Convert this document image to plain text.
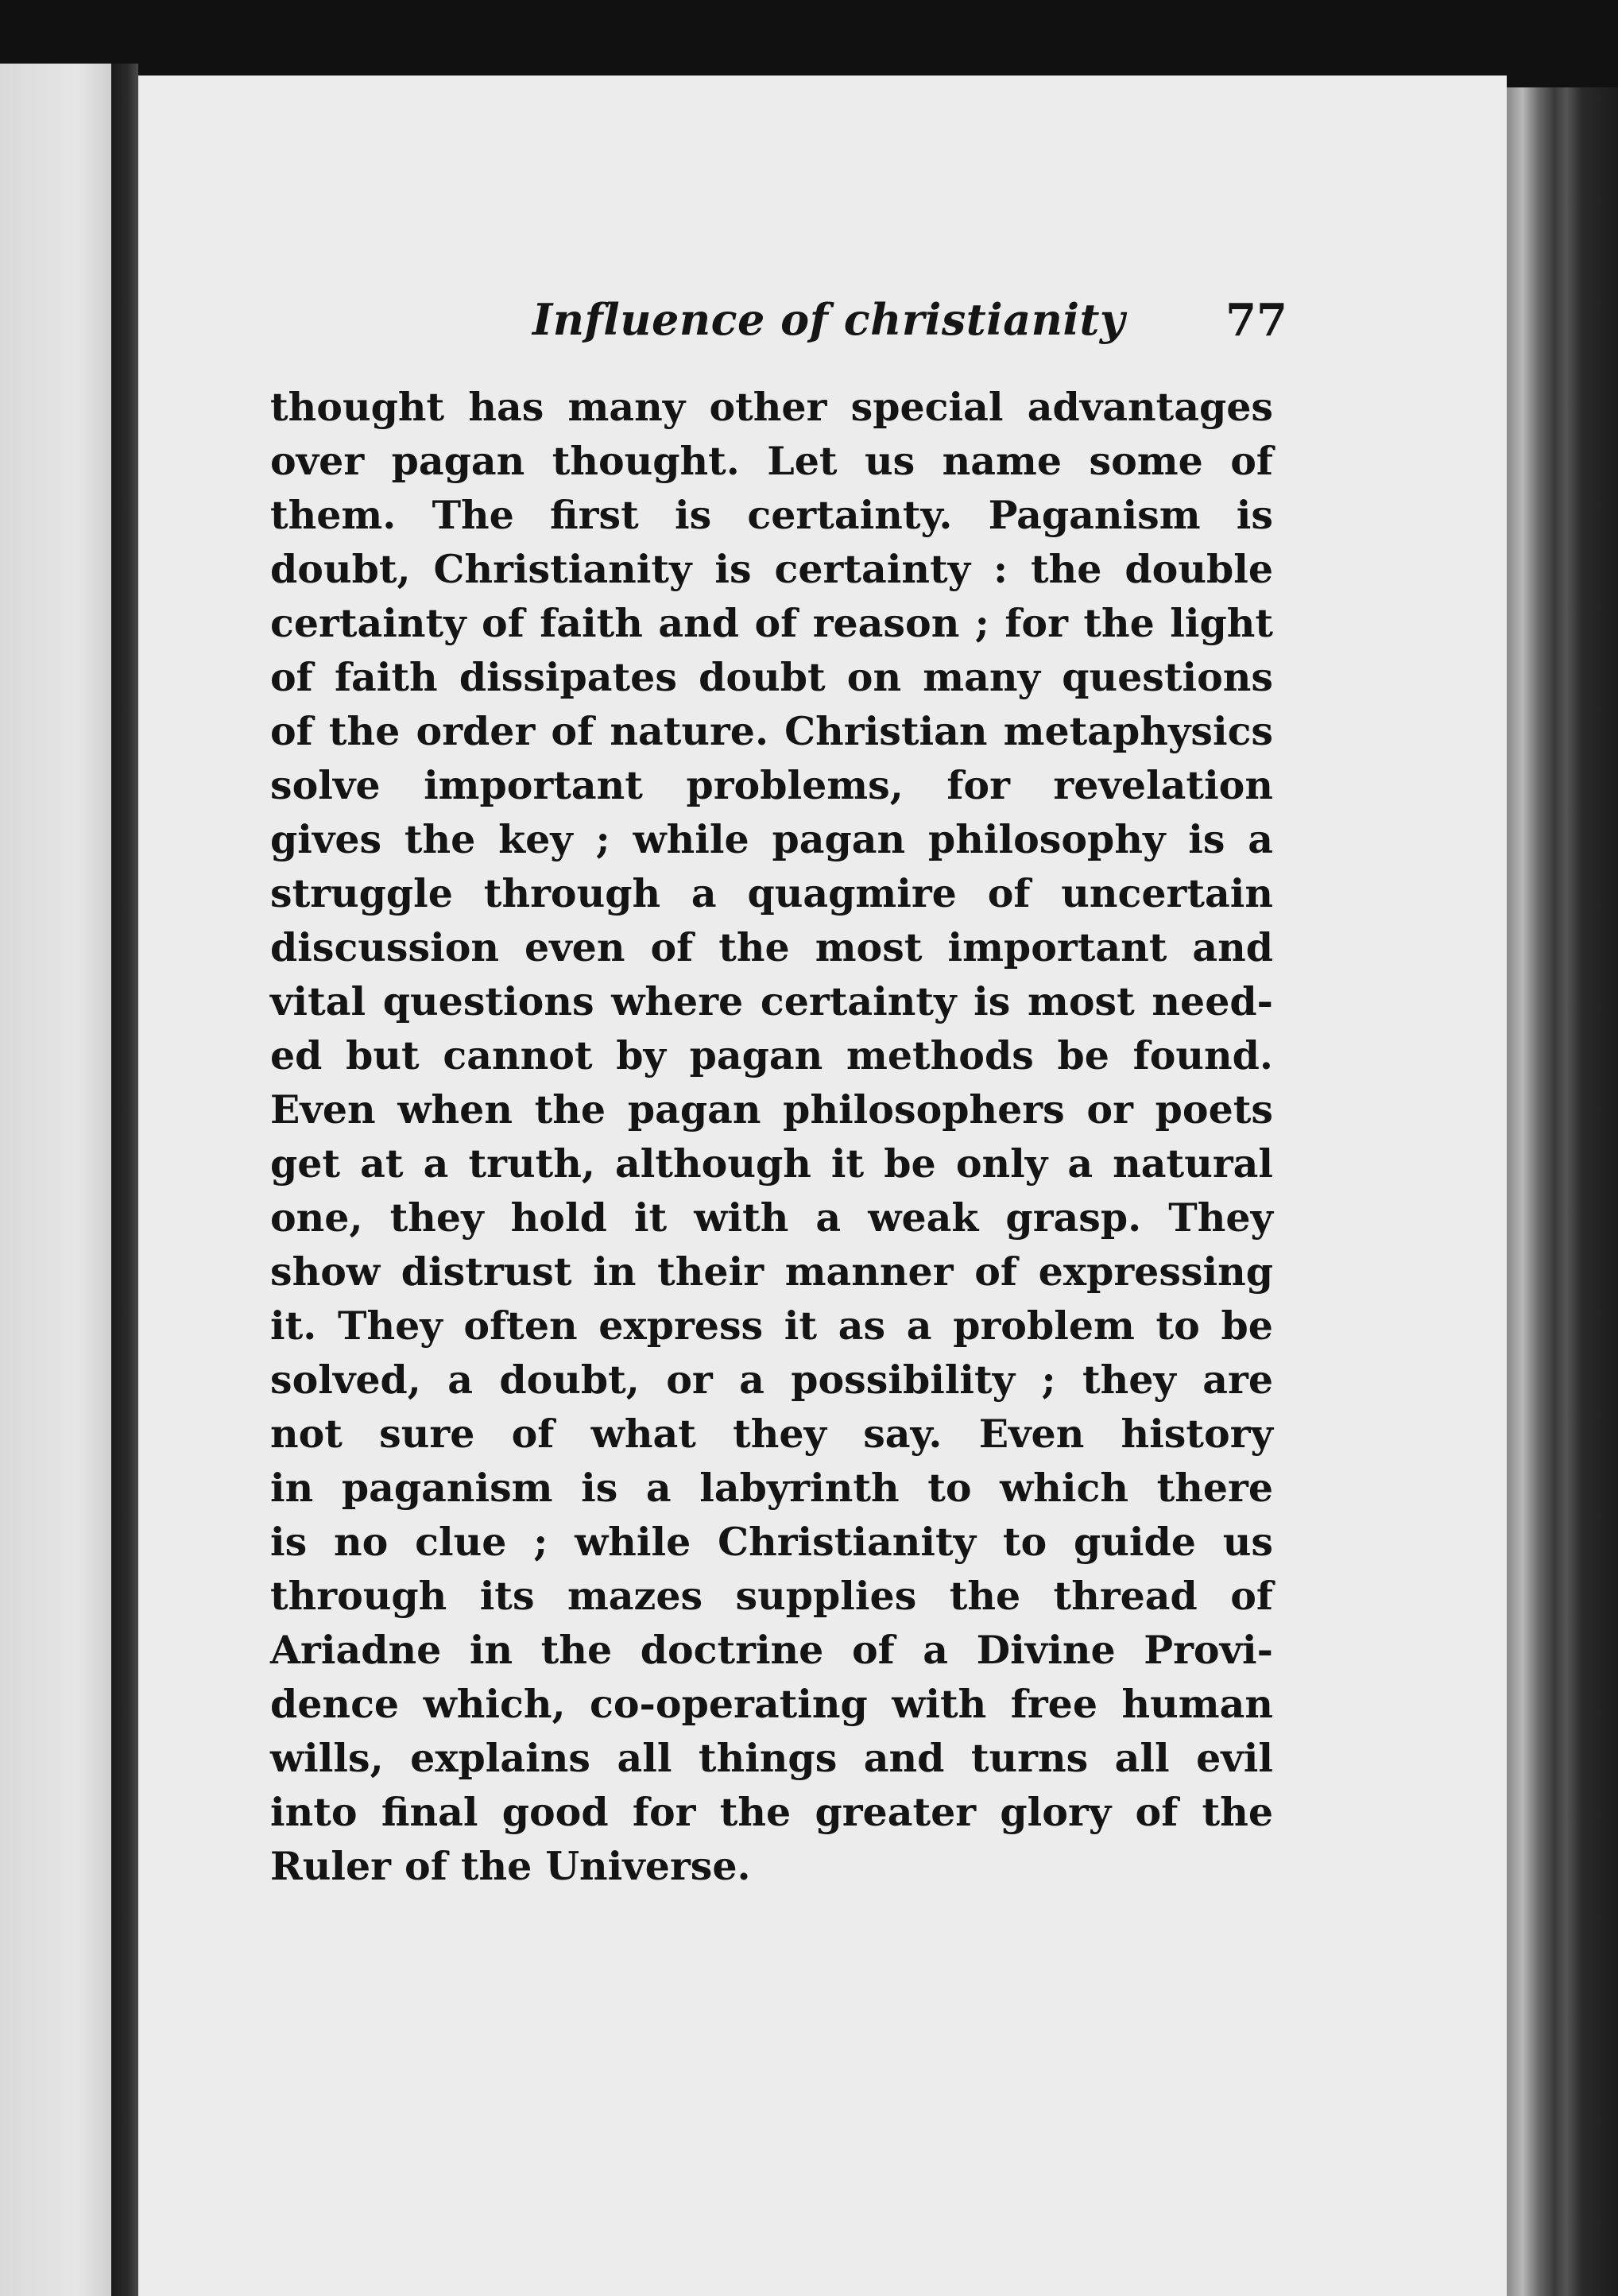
Influence of christianity 77
thought has many other special advantages
over pagan thought. Let us name some of
them. The first is certainty. Paganism is
doubt, Christianity is certainty : the double
certainty of faith and of reason ; for the light
of faith dissipates doubt on many questions
of the order of nature. Christian metaphysics
solve important problems, for revelation
gives the key ; while pagan philosophy is a
struggle through a quagmire of uncertain
discussion even of the most important and
vital questions where certainty is most need-
ed but cannot by pagan methods be found.
Even when the pagan philosophers or poets
get at a truth, although it be only a natural
one, they hold it with a weak grasp. They
show distrust in their manner of expressing
it. They often express it as a problem to be
solved, a doubt, or a possibility ; they are
not sure of what they say. Even history
in paganism is a labyrinth to which there
is no clue ; while Christianity to guide us
through its mazes supplies the thread of
Ariadne in the doctrine of a Divine Provi-
dence which, co-operating with free human
wills, explains all things and turns all evil
into final good for the greater glory of the
Ruler of the Universe.
